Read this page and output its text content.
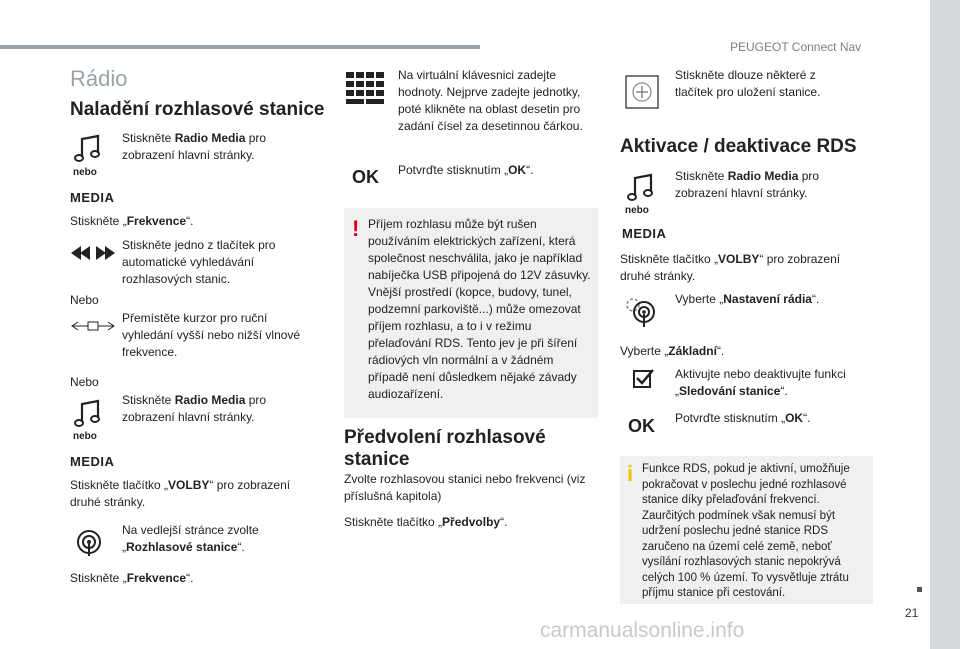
PEUGEOT Connect Nav
21
carmanualsonline.info
Rádio
Naladění rozhlasové stanice
nebo
MEDIA
Stiskněte Radio Media pro zobrazení hlavní stránky.
Stiskněte „Frekvence“.
Stiskněte jedno z tlačítek pro automatické vyhledávání rozhlasových stanic.
Nebo
Přemístěte kurzor pro ruční vyhledání vyšší nebo nižší vlnové frekvence.
Nebo
nebo
MEDIA
Stiskněte Radio Media pro zobrazení hlavní stránky.
Stiskněte tlačítko „VOLBY“ pro zobrazení druhé stránky.
Na vedlejší stránce zvolte „Rozhlasové stanice“.
Stiskněte „Frekvence“.
Na virtuální klávesnici zadejte hodnoty. Nejprve zadejte jednotky, poté klikněte na oblast desetin pro zadání čísel za desetinnou čárkou.
OK Potvrďte stisknutím „OK“.
! Příjem rozhlasu může být rušen používáním elektrických zařízení, která společnost neschválila, jako je například nabíječka USB připojená do 12V zásuvky. Vnější prostředí (kopce, budovy, tunel, podzemní parkoviště...) může omezovat příjem rozhlasu, a to i v režimu přelaďování RDS. Tento jev je při šíření rádiových vln normální a v žádném případě není důsledkem nějaké závady audiozařízení.
Předvolení rozhlasové stanice
Zvolte rozhlasovou stanici nebo frekvenci (viz příslušná kapitola)
Stiskněte tlačítko „Předvolby“.
Stiskněte dlouze některé z tlačítek pro uložení stanice.
Aktivace / deaktivace RDS
nebo
MEDIA
Stiskněte Radio Media pro zobrazení hlavní stránky.
Stiskněte tlačítko „VOLBY“ pro zobrazení druhé stránky.
Vyberte „Nastavení rádia“.
Vyberte „Základní“.
Aktivujte nebo deaktivujte funkci „Sledování stanice“.
OK Potvrďte stisknutím „OK“.
i Funkce RDS, pokud je aktivní, umožňuje pokračovat v poslechu jedné rozhlasové stanice díky přelaďování frekvencí. Zaurčitých podmínek však nemusí být udržení poslechu jedné stanice RDS zaručeno na území celé země, neboť vysílání rozhlasových stanic nepokrývá celých 100 % území. To vysvětluje ztrátu příjmu stanice při cestování.
